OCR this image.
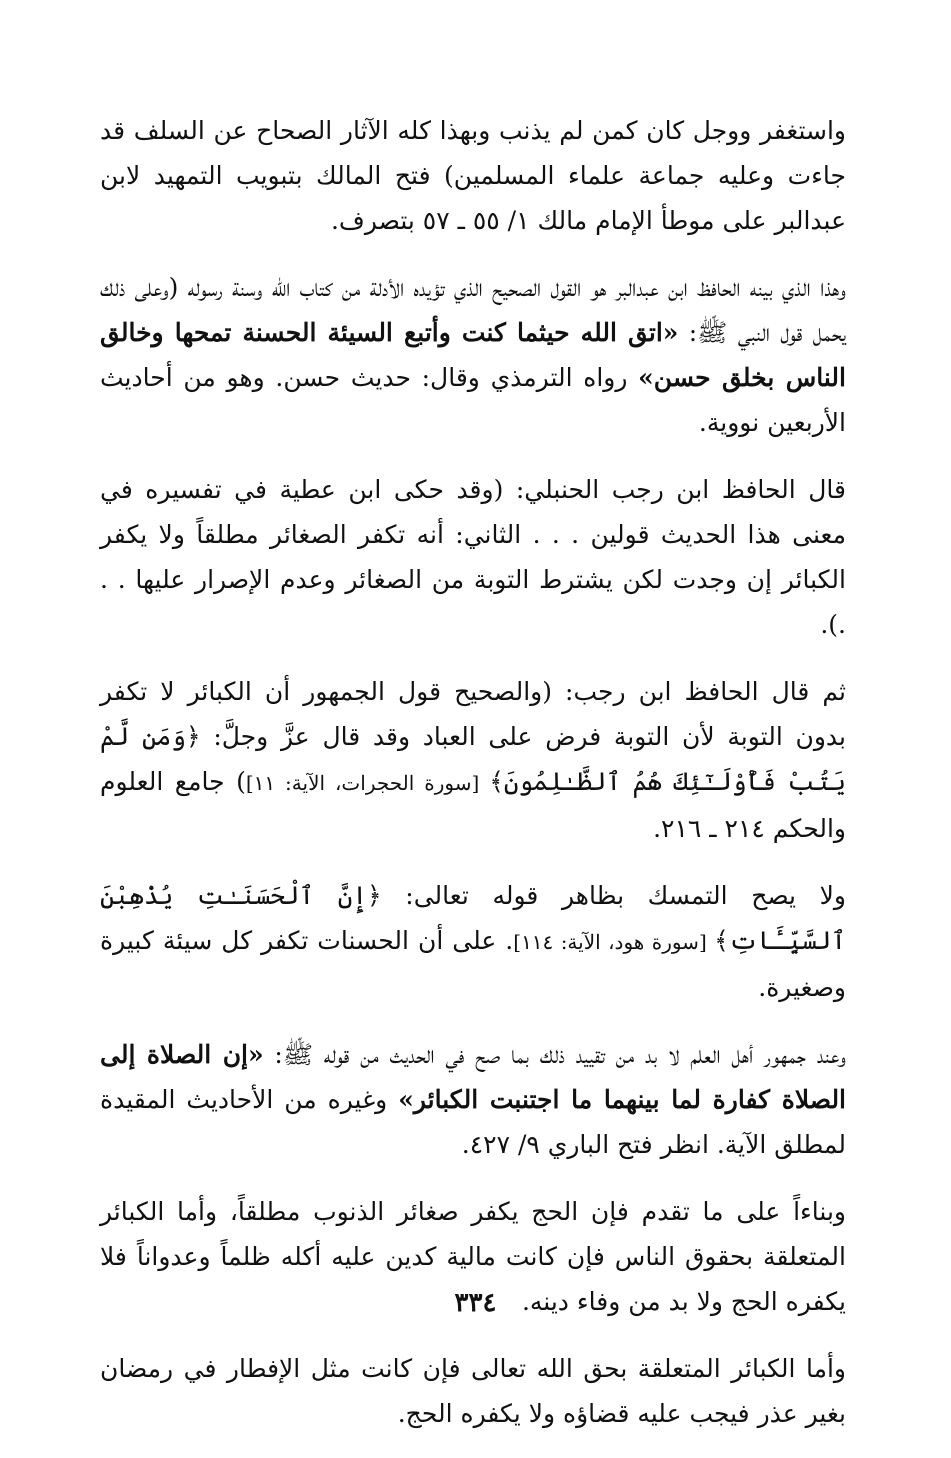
واستغفر ووجل كان كمن لم يذنب وبهذا كله الآثار الصحاح عن السلف قد جاءت وعليه جماعة علماء المسلمين) فتح المالك بتبويب التمهيد لابن عبدالبر على موطأ الإمام مالك ١/ ٥٥ ـ ٥٧ بتصرف.

وهذا الذي بينه الحافظ ابن عبدالبر هو القول الصحيح الذي تؤيده الأدلة من كتاب الله وسنة رسوله (وعلى ذلك يحمل قول النبي ﷺ: «اتق الله حيثما كنت وأتبع السيئة الحسنة تمحها وخالق الناس بخلق حسن» رواه الترمذي وقال: حديث حسن. وهو من أحاديث الأربعين نووية.

قال الحافظ ابن رجب الحنبلي: (وقد حكى ابن عطية في تفسيره في معنى هذا الحديث قولين . . . الثاني: أنه تكفر الصغائر مطلقاً ولا يكفر الكبائر إن وجدت لكن يشترط التوبة من الصغائر وعدم الإصرار عليها . . .).

ثم قال الحافظ ابن رجب: (والصحيح قول الجمهور أن الكبائر لا تكفر بدون التوبة لأن التوبة فرض على العباد وقد قال عزَّ وجلَّ: ﴿وَمَن لَّمْ يَتُبْ فَأُوْلَـٰٓئِكَ هُمُ ٱلظَّـٰلِمُونَ﴾ [سورة الحجرات، الآية: ١١]) جامع العلوم والحكم ٢١٤ ـ ٢١٦.

ولا يصح التمسك بظاهر قوله تعالى: ﴿إِنَّ ٱلْحَسَنَـٰتِ يُذْهِبْنَ ٱلسَّيِّـَٔاتِ﴾ [سورة هود، الآية: ١١٤]. على أن الحسنات تكفر كل سيئة كبيرة وصغيرة.

وعند جمهور أهل العلم لا بد من تقييد ذلك بما صح في الحديث من قوله ﷺ: «إن الصلاة إلى الصلاة كفارة لما بينهما ما اجتنبت الكبائر» وغيره من الأحاديث المقيدة لمطلق الآية. انظر فتح الباري ٩/ ٤٢٧.

وبناءاً على ما تقدم فإن الحج يكفر صغائر الذنوب مطلقاً، وأما الكبائر المتعلقة بحقوق الناس فإن كانت مالية كدين عليه أكله ظلماً وعدواناً فلا يكفره الحج ولا بد من وفاء دينه.

وأما الكبائر المتعلقة بحق الله تعالى فإن كانت مثل الإفطار في رمضان بغير عذر فيجب عليه قضاؤه ولا يكفره الحج.

٣٣٤
